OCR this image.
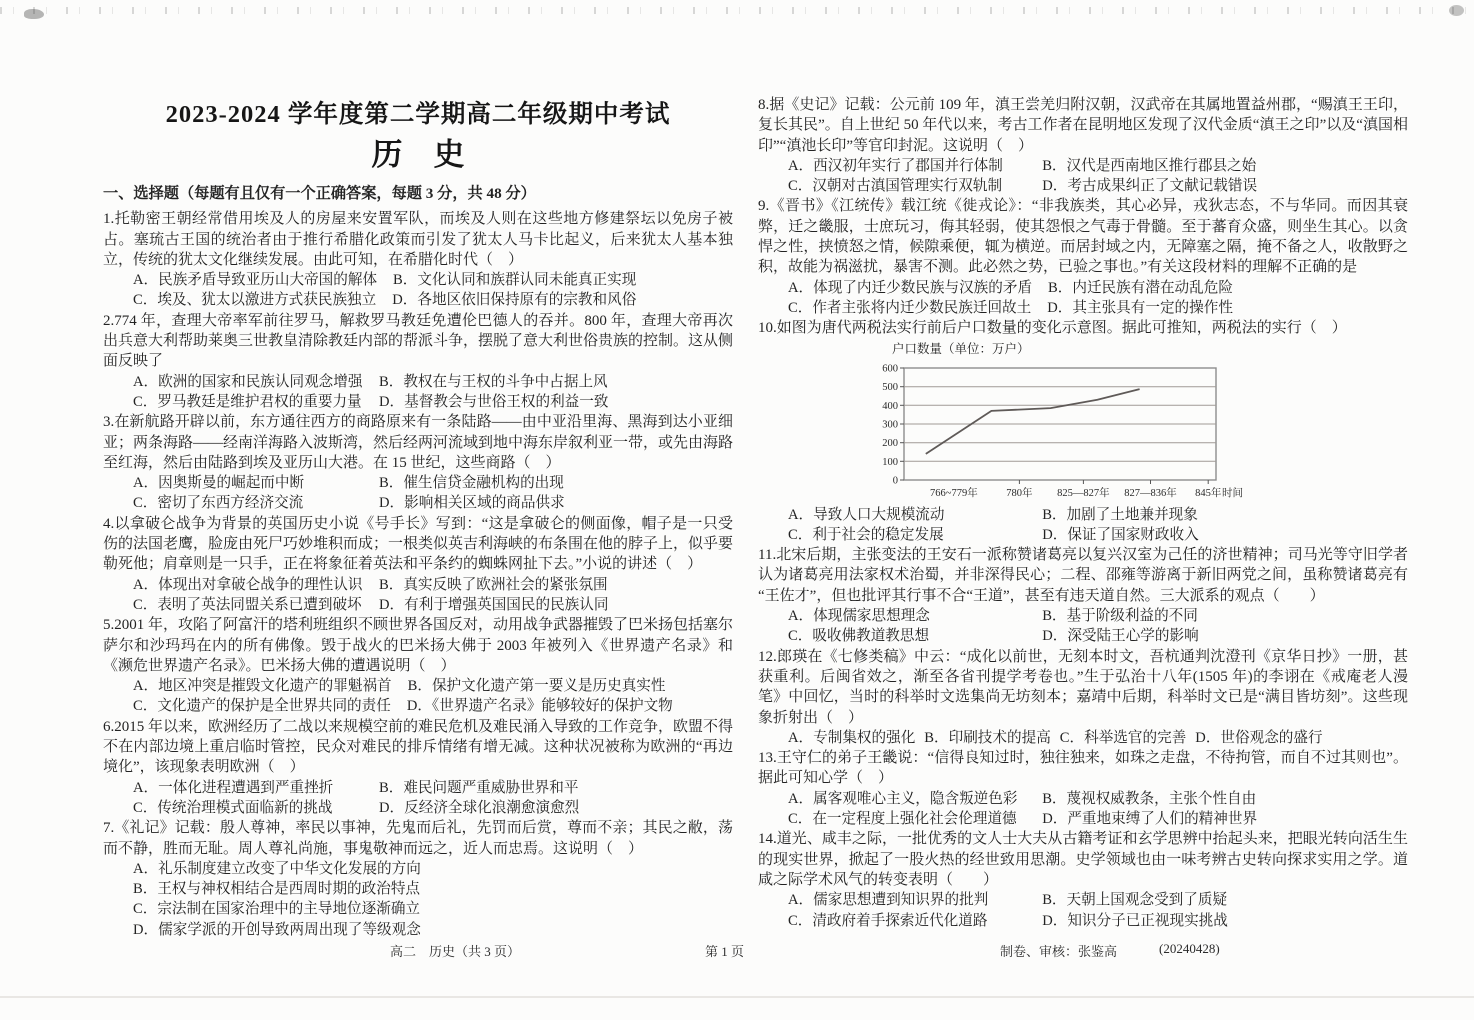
2023-2024 学年度第二学期高二年级期中考试
历　史
一、选择题（每题有且仅有一个正确答案，每题 3 分，共 48 分）

1.托勒密王朝经常借用埃及人的房屋来安置军队，而埃及人则在这些地方修建祭坛以免房子被占。塞琉古王国的统治者由于推行希腊化政策而引发了犹太人马卡比起义，后来犹太人基本独立，传统的犹太文化继续发展。由此可知，在希腊化时代（　）

A．民族矛盾导致亚历山大帝国的解体	B．文化认同和族群认同未能真正实现
C．埃及、犹太以激进方式获民族独立	D．各地区依旧保持原有的宗教和风俗

2.774 年，查理大帝率军前往罗马，解救罗马教廷免遭伦巴德人的吞并。800 年，查理大帝再次出兵意大利帮助莱奥三世教皇清除教廷内部的帮派斗争，摆脱了意大利世俗贵族的控制。这从侧面反映了

A．欧洲的国家和民族认同观念增强	B．教权在与王权的斗争中占据上风
C．罗马教廷是维护君权的重要力量	D．基督教会与世俗王权的利益一致

3.在新航路开辟以前，东方通往西方的商路原来有一条陆路——由中亚沿里海、黑海到达小亚细亚；两条海路——经南洋海路入波斯湾，然后经两河流域到地中海东岸叙利亚一带，或先由海路至红海，然后由陆路到埃及亚历山大港。在 15 世纪，这些商路（　）

A．因奥斯曼的崛起而中断	B．催生信贷金融机构的出现
C．密切了东西方经济交流	D．影响相关区域的商品供求

4.以拿破仑战争为背景的英国历史小说《号手长》写到：“这是拿破仑的侧面像，帽子是一只受伤的法国老鹰，脸庞由死尸巧妙堆积而成；一根类似英吉利海峡的布条围在他的脖子上，似乎要勒死他；肩章则是一只手，正在将象征着英法和平条约的蜘蛛网扯下去。”小说的讲述（　）

A．体现出对拿破仑战争的理性认识	B．真实反映了欧洲社会的紧张氛围
C．表明了英法同盟关系已遭到破坏	D．有利于增强英国国民的民族认同

5.2001 年，攻陷了阿富汗的塔利班组织不顾世界各国反对，动用战争武器摧毁了巴米扬包括塞尔萨尔和沙玛玛在内的所有佛像。毁于战火的巴米扬大佛于 2003 年被列入《世界遗产名录》和《濒危世界遗产名录》。巴米扬大佛的遭遇说明（　）

A．地区冲突是摧毁文化遗产的罪魁祸首	B．保护文化遗产第一要义是历史真实性
C．文化遗产的保护是全世界共同的责任	D．《世界遗产名录》能够较好的保护文物

6.2015 年以来，欧洲经历了二战以来规模空前的难民危机及难民涌入导致的工作竞争，欧盟不得不在内部边境上重启临时管控，民众对难民的排斥情绪有增无减。这种状况被称为欧洲的“再边境化”，该现象表明欧洲（　）

A．一体化进程遭遇到严重挫折	B．难民问题严重威胁世界和平
C．传统治理模式面临新的挑战	D．反经济全球化浪潮愈演愈烈

7.《礼记》记载：殷人尊神，率民以事神，先鬼而后礼，先罚而后赏，尊而不亲；其民之敝，荡而不静，胜而无耻。周人尊礼尚施，事鬼敬神而远之，近人而忠焉。这说明（　）

A．礼乐制度建立改变了中华文化发展的方向
B．王权与神权相结合是西周时期的政治特点
C．宗法制在国家治理中的主导地位逐渐确立
D．儒家学派的开创导致两周出现了等级观念

8.据《史记》记载：公元前 109 年，滇王尝羌归附汉朝，汉武帝在其属地置益州郡，“赐滇王王印，复长其民”。自上世纪 50 年代以来，考古工作者在昆明地区发现了汉代金质“滇王之印”以及“滇国相印”“滇池长印”等官印封泥。这说明（　）

A．西汉初年实行了郡国并行体制	B．汉代是西南地区推行郡县之始
C．汉朝对古滇国管理实行双轨制	D．考古成果纠正了文献记载错误

9.《晋书》《江统传》载江统《徙戎论》：“非我族类，其心必异，戎狄志态，不与华同。而因其衰弊，迁之畿服，士庶玩习，侮其轻弱，使其怨恨之气毒于骨髓。至于蕃育众盛，则坐生其心。以贪悍之性，挟愤怒之情，候隙乘便，辄为横逆。而居封域之内，无障塞之隔，掩不备之人，收散野之积，故能为祸滋扰，暴害不测。此必然之势，已验之事也。”有关这段材料的理解不正确的是

A．体现了内迁少数民族与汉族的矛盾	B．内迁民族有潜在动乱危险
C．作者主张将内迁少数民族迁回故土	D．其主张具有一定的操作性

10.如图为唐代两税法实行前后户口数量的变化示意图。据此可推知，两税法的实行（　）

户口数量（单位：万户）
0
100
200
300
400
500
600
766~779年	780年 825—827年 827—836年 845年 时间
A．导致人口大规模流动	B．加剧了土地兼并现象
C．利于社会的稳定发展	D．保证了国家财政收入

11.北宋后期，主张变法的王安石一派称赞诸葛亮以复兴汉室为己任的济世精神；司马光等守旧学者认为诸葛亮用法家权术治蜀，并非深得民心；二程、邵雍等游离于新旧两党之间，虽称赞诸葛亮有“王佐才”，但也批评其行事不合“王道”，甚至有违天道自然。三大派系的观点（　　）

A．体现儒家思想理念	B．基于阶级利益的不同
C．吸收佛教道教思想	D．深受陆王心学的影响

12.郎瑛在《七修类稿》中云：“成化以前世，无刻本时文，吾杭通判沈澄刊《京华日抄》一册，甚获重利。后闽省效之，渐至各省刊提学考卷也。”生于弘治十八年(1505 年)的李诩在《戒庵老人漫笔》中回忆，当时的科举时文选集尚无坊刻本；嘉靖中后期，科举时文已是“满目皆坊刻”。这些现象折射出（　）

A．专制集权的强化 B．印刷技术的提高 C．科举选官的完善 D．世俗观念的盛行

13.王守仁的弟子王畿说：“信得良知过时，独往独来，如珠之走盘，不待拘管，而自不过其则也”。据此可知心学（　）

A．属客观唯心主义，隐含叛逆色彩	B．蔑视权威教条，主张个性自由
C．在一定程度上强化社会伦理道德	D．严重地束缚了人们的精神世界

14.道光、咸丰之际，一批优秀的文人士大夫从古籍考证和玄学思辨中抬起头来，把眼光转向活生生的现实世界，掀起了一股火热的经世致用思潮。史学领域也由一味考辨古史转向探求实用之学。道咸之际学术风气的转变表明（　　）

A．儒家思想遭到知识界的批判	B．天朝上国观念受到了质疑
C．清政府着手探索近代化道路	D．知识分子已正视现实挑战
高二　历史（共 3 页）	第 1 页	制卷、审核：张鉴高	(20240428)
